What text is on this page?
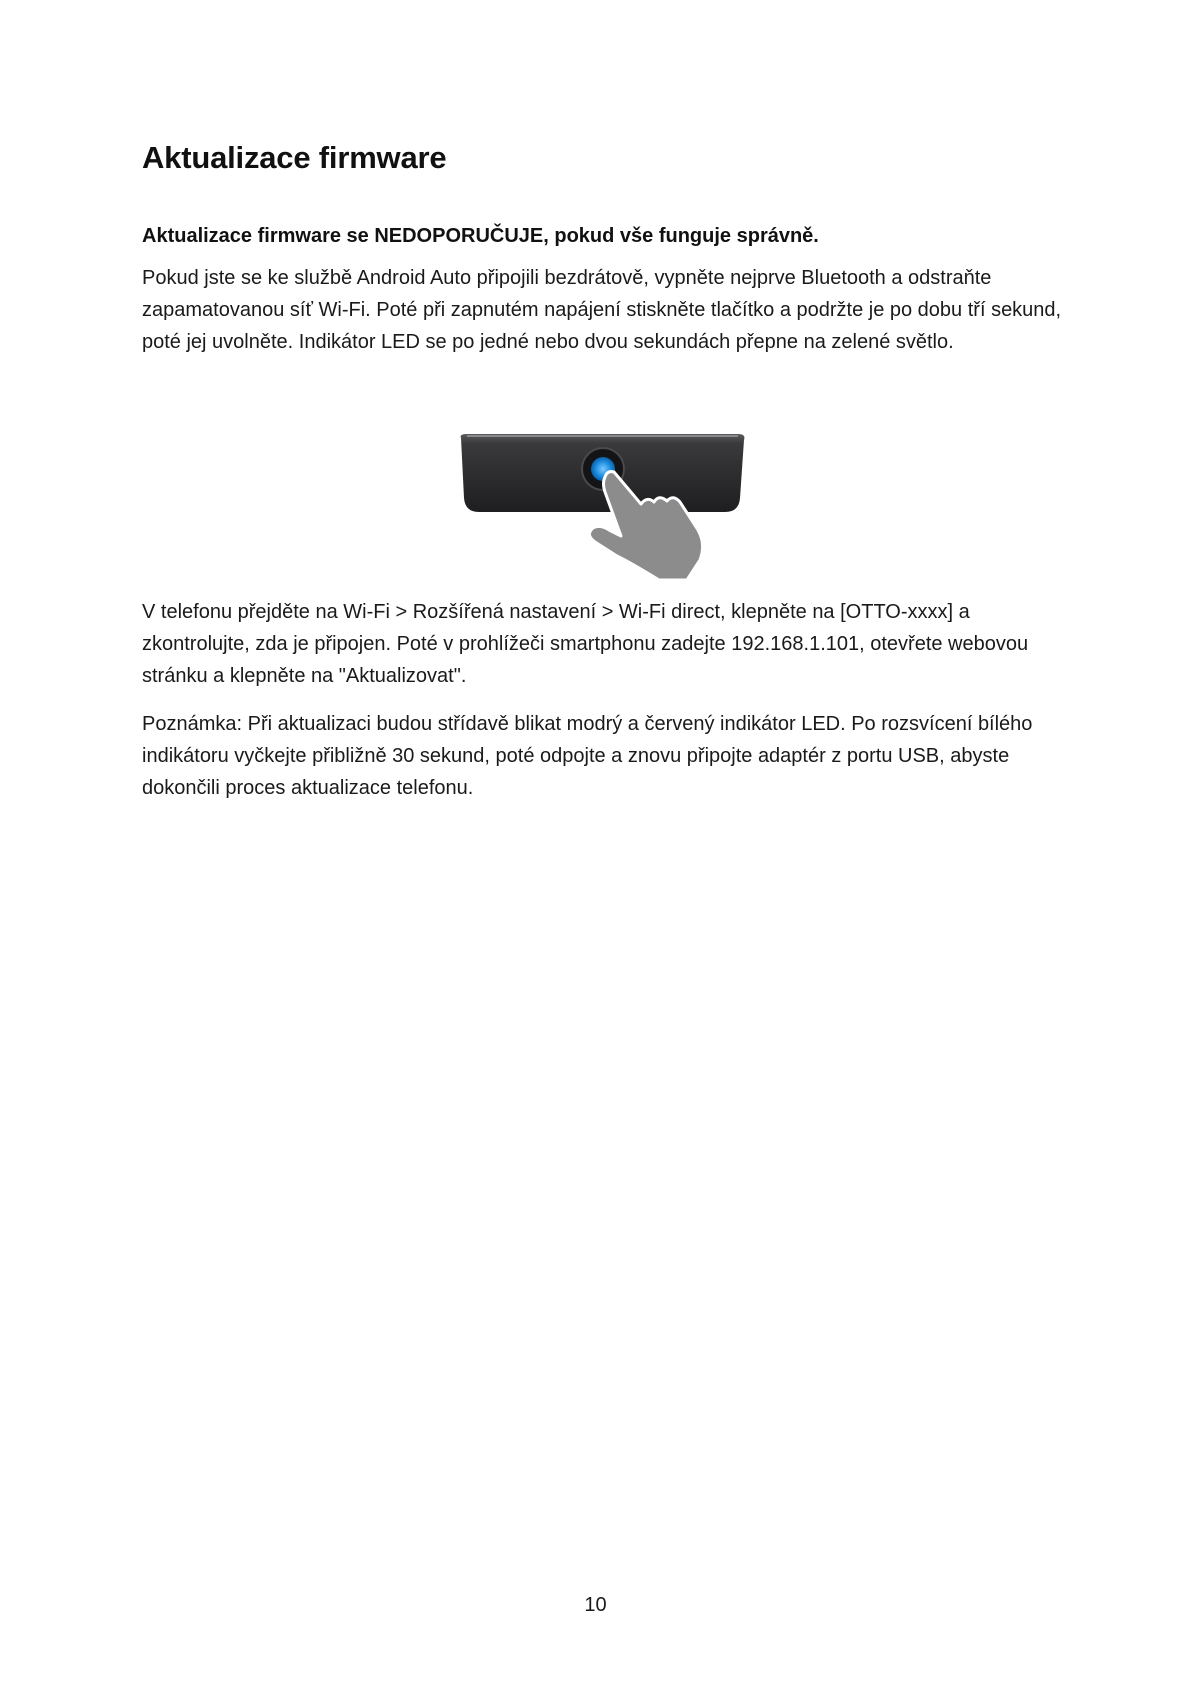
Aktualizace firmware
Aktualizace firmware se NEDOPORUČUJE, pokud vše funguje správně.

Pokud jste se ke službě Android Auto připojili bezdrátově, vypněte nejprve Bluetooth a odstraňte zapamatovanou síť Wi-Fi. Poté při zapnutém napájení stiskněte tlačítko a podržte je po dobu tří sekund, poté jej uvolněte. Indikátor LED se po jedné nebo dvou sekundách přepne na zelené světlo.

V telefonu přejděte na Wi-Fi > Rozšířená nastavení > Wi-Fi direct, klepněte na [OTTO-xxxx] a zkontrolujte, zda je připojen. Poté v prohlížeči smartphonu zadejte 192.168.1.101, otevřete webovou stránku a klepněte na "Aktualizovat".

Poznámka: Při aktualizaci budou střídavě blikat modrý a červený indikátor LED. Po rozsvícení bílého indikátoru vyčkejte přibližně 30 sekund, poté odpojte a znovu připojte adaptér z portu USB, abyste dokončili proces aktualizace telefonu.

10
